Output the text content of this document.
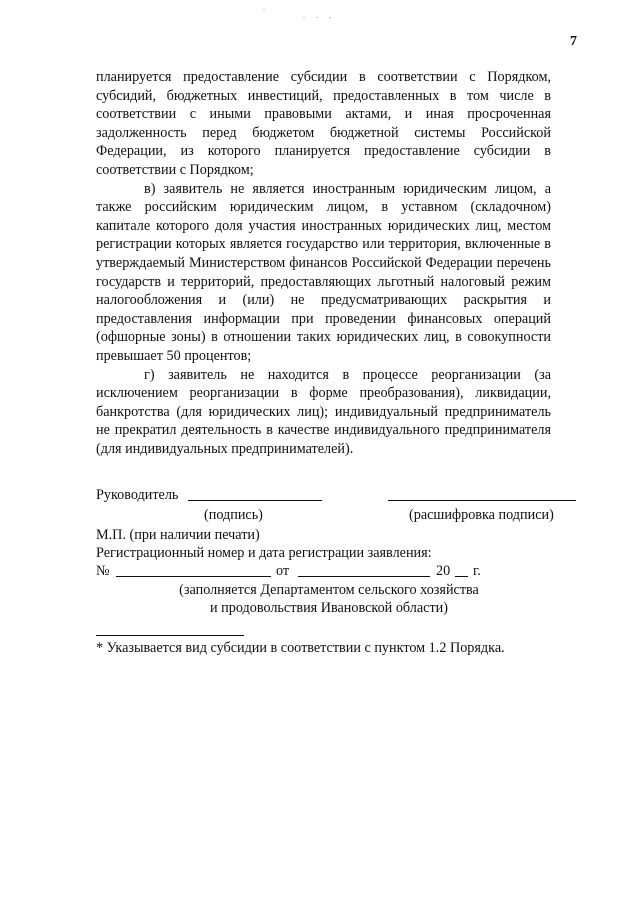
7

планируется предоставление субсидии в соответствии с Порядком, субсидий, бюджетных инвестиций, предоставленных в том числе в соответствии с иными правовыми актами, и иная просроченная задолженность перед бюджетом бюджетной системы Российской Федерации, из которого планируется предоставление субсидии в соответствии с Порядком;

в) заявитель не является иностранным юридическим лицом, а также российским юридическим лицом, в уставном (складочном) капитале которого доля участия иностранных юридических лиц, местом регистрации которых является государство или территория, включенные в утверждаемый Министерством финансов Российской Федерации перечень государств и территорий, предоставляющих льготный налоговый режим налогообложения и (или) не предусматривающих раскрытия и предоставления информации при проведении финансовых операций (офшорные зоны) в отношении таких юридических лиц, в совокупности превышает 50 процентов;

г) заявитель не находится в процессе реорганизации (за исключением реорганизации в форме преобразования), ликвидации, банкротства (для юридических лиц); индивидуальный предприниматель не прекратил деятельность в качестве индивидуального предпринимателя (для индивидуальных предпринимателей).

Руководитель
(подпись)	(расшифровка подписи)
М.П. (при наличии печати)
Регистрационный номер и дата регистрации заявления:
№	от	20 г.
(заполняется Департаментом сельского хозяйства
и продовольствия Ивановской области)
* Указывается вид субсидии в соответствии с пунктом 1.2 Порядка.
